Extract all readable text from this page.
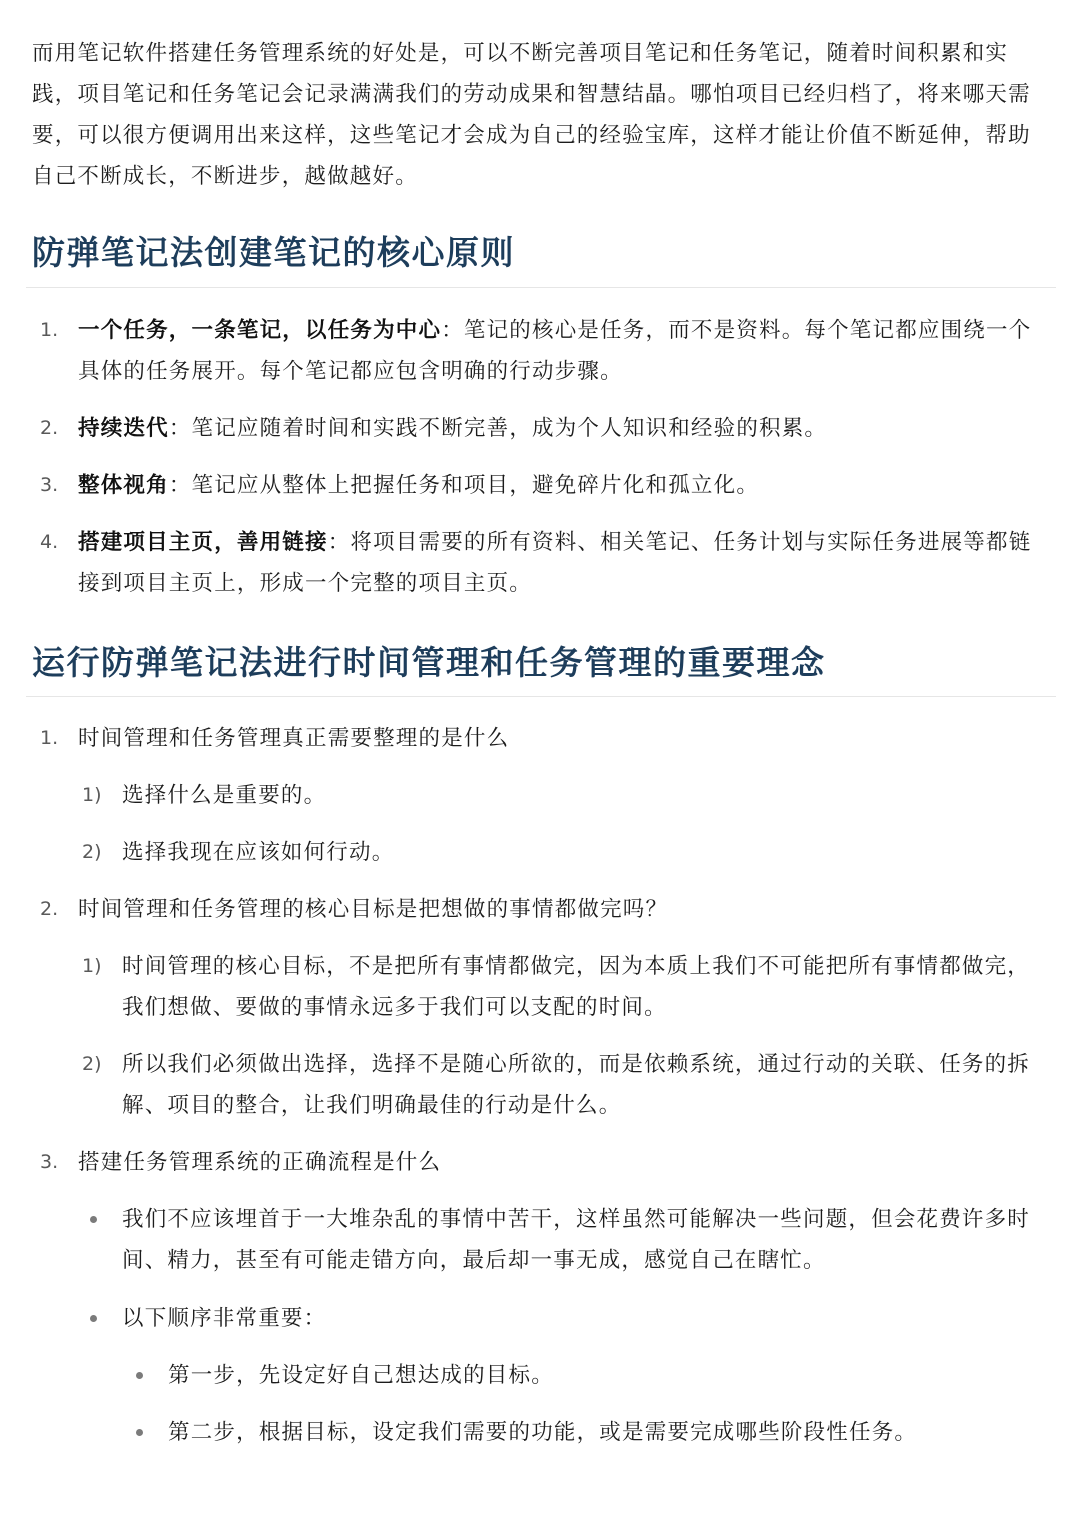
而用笔记软件搭建任务管理系统的好处是，可以不断完善项目笔记和任务笔记，随着时间积累和实践，项目笔记和任务笔记会记录满满我们的劳动成果和智慧结晶。哪怕项目已经归档了，将来哪天需要，可以很方便调用出来这样，这些笔记才会成为自己的经验宝库，这样才能让价值不断延伸，帮助自己不断成长，不断进步，越做越好。

防弹笔记法创建笔记的核心原则
1. 一个任务，一条笔记，以任务为中心：笔记的核心是任务，而不是资料。每个笔记都应围绕一个具体的任务展开。每个笔记都应包含明确的行动步骤。
2. 持续迭代：笔记应随着时间和实践不断完善，成为个人知识和经验的积累。
3. 整体视角：笔记应从整体上把握任务和项目，避免碎片化和孤立化。
4. 搭建项目主页，善用链接：将项目需要的所有资料、相关笔记、任务计划与实际任务进展等都链接到项目主页上，形成一个完整的项目主页。
运行防弹笔记法进行时间管理和任务管理的重要理念
1. 时间管理和任务管理真正需要整理的是什么
1) 选择什么是重要的。
2) 选择我现在应该如何行动。
2. 时间管理和任务管理的核心目标是把想做的事情都做完吗？
1) 时间管理的核心目标，不是把所有事情都做完，因为本质上我们不可能把所有事情都做完，我们想做、要做的事情永远多于我们可以支配的时间。
2) 所以我们必须做出选择，选择不是随心所欲的，而是依赖系统，通过行动的关联、任务的拆解、项目的整合，让我们明确最佳的行动是什么。
3. 搭建任务管理系统的正确流程是什么
我们不应该埋首于一大堆杂乱的事情中苦干，这样虽然可能解决一些问题，但会花费许多时间、精力，甚至有可能走错方向，最后却一事无成，感觉自己在瞎忙。
以下顺序非常重要：
第一步，先设定好自己想达成的目标。
第二步，根据目标，设定我们需要的功能，或是需要完成哪些阶段性任务。
